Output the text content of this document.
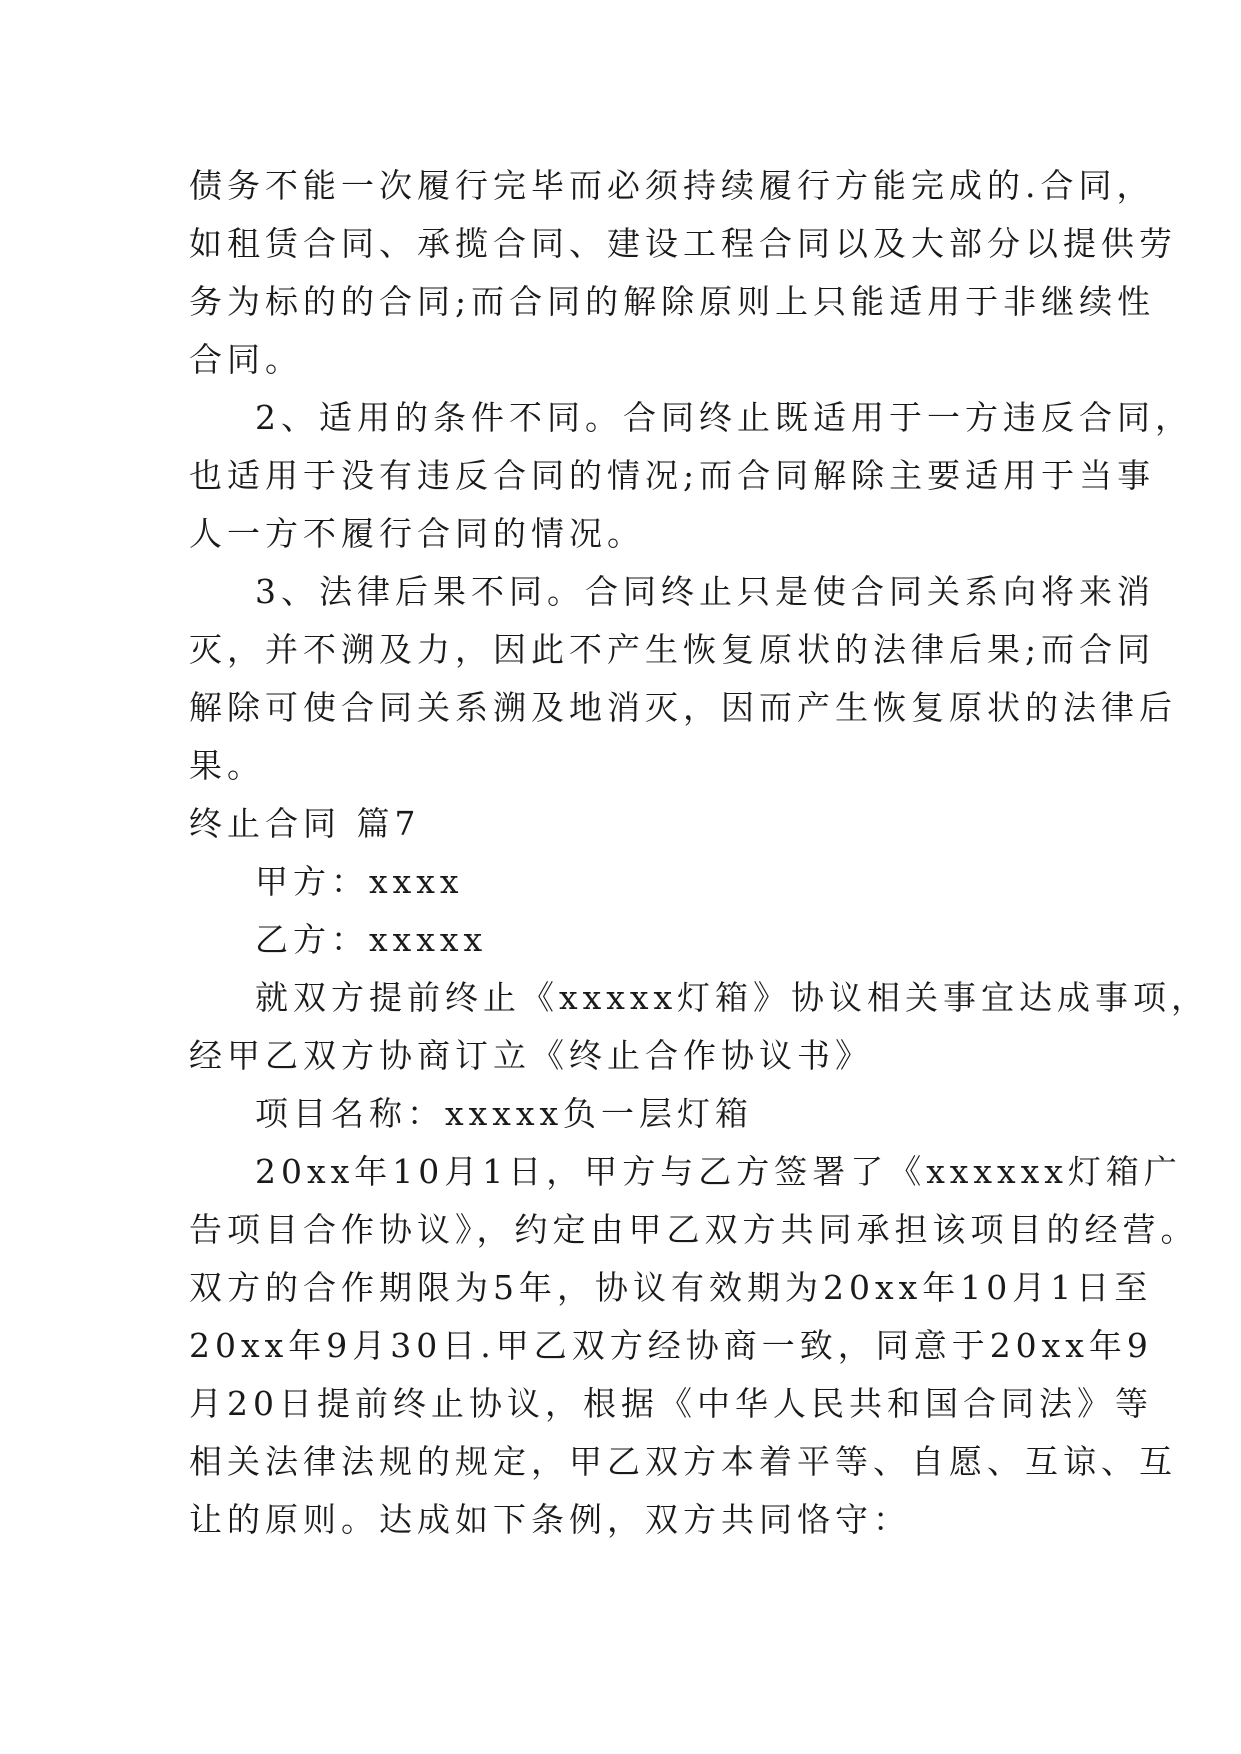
债务不能一次履行完毕而必须持续履行方能完成的.合同，
如租赁合同、承揽合同、建设工程合同以及大部分以提供劳
务为标的的合同;而合同的解除原则上只能适用于非继续性
合同。
2、适用的条件不同。合同终止既适用于一方违反合同，
也适用于没有违反合同的情况;而合同解除主要适用于当事
人一方不履行合同的情况。
3、法律后果不同。合同终止只是使合同关系向将来消
灭，并不溯及力，因此不产生恢复原状的法律后果;而合同
解除可使合同关系溯及地消灭，因而产生恢复原状的法律后
果。
终止合同 篇7
甲方：xxxx
乙方：xxxxx
就双方提前终止《xxxxx灯箱》协议相关事宜达成事项，
经甲乙双方协商订立《终止合作协议书》
项目名称：xxxxx负一层灯箱
20xx年10月1日，甲方与乙方签署了《xxxxxx灯箱广
告项目合作协议》，约定由甲乙双方共同承担该项目的经营。
双方的合作期限为5年，协议有效期为20xx年10月1日至
20xx年9月30日.甲乙双方经协商一致，同意于20xx年9
月20日提前终止协议，根据《中华人民共和国合同法》等
相关法律法规的规定，甲乙双方本着平等、自愿、互谅、互
让的原则。达成如下条例，双方共同恪守：
